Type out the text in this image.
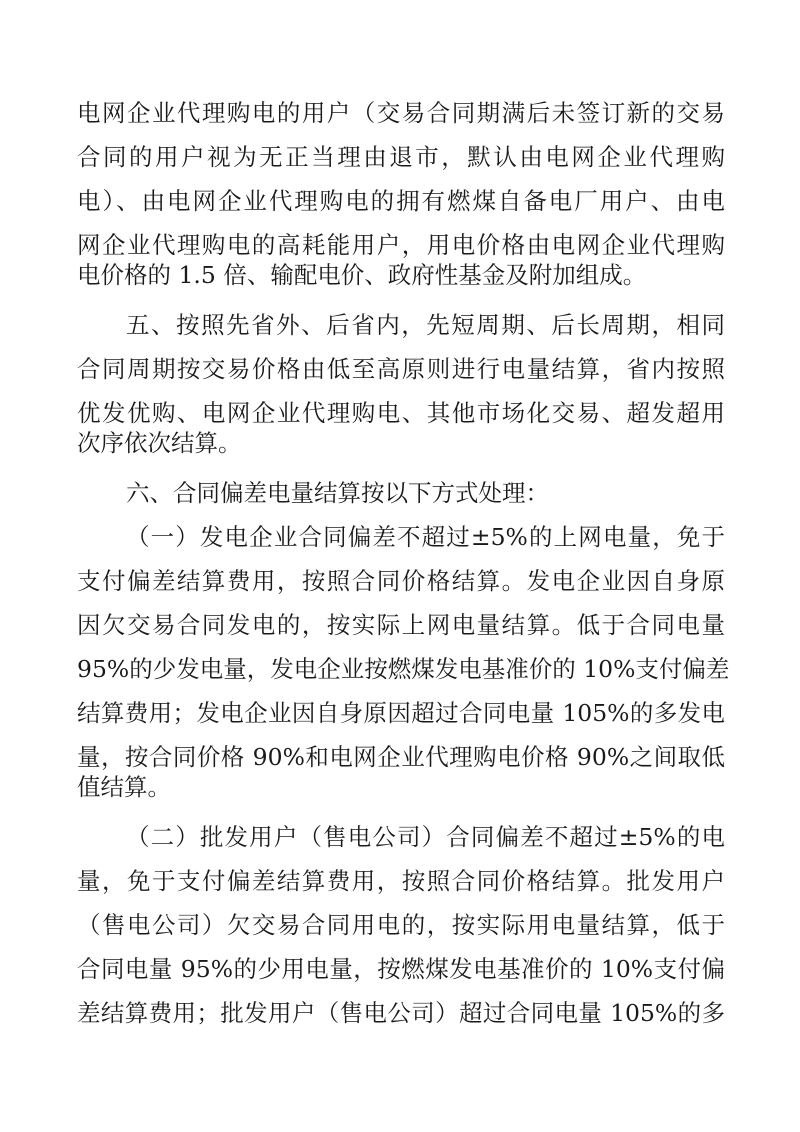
电网企业代理购电的用户（交易合同期满后未签订新的交易
合同的用户视为无正当理由退市，默认由电网企业代理购
电）、由电网企业代理购电的拥有燃煤自备电厂用户、由电
网企业代理购电的高耗能用户，用电价格由电网企业代理购
电价格的 1.5 倍、输配电价、政府性基金及附加组成。
五、按照先省外、后省内，先短周期、后长周期，相同
合同周期按交易价格由低至高原则进行电量结算，省内按照
优发优购、电网企业代理购电、其他市场化交易、超发超用
次序依次结算。
六、合同偏差电量结算按以下方式处理：
（一）发电企业合同偏差不超过±5%的上网电量，免于
支付偏差结算费用，按照合同价格结算。发电企业因自身原
因欠交易合同发电的，按实际上网电量结算。低于合同电量
95%的少发电量，发电企业按燃煤发电基准价的 10%支付偏差
结算费用；发电企业因自身原因超过合同电量 105%的多发电
量，按合同价格 90%和电网企业代理购电价格 90%之间取低
值结算。
（二）批发用户（售电公司）合同偏差不超过±5%的电
量，免于支付偏差结算费用，按照合同价格结算。批发用户
（售电公司）欠交易合同用电的，按实际用电量结算，低于
合同电量 95%的少用电量，按燃煤发电基准价的 10%支付偏
差结算费用；批发用户（售电公司）超过合同电量 105%的多
